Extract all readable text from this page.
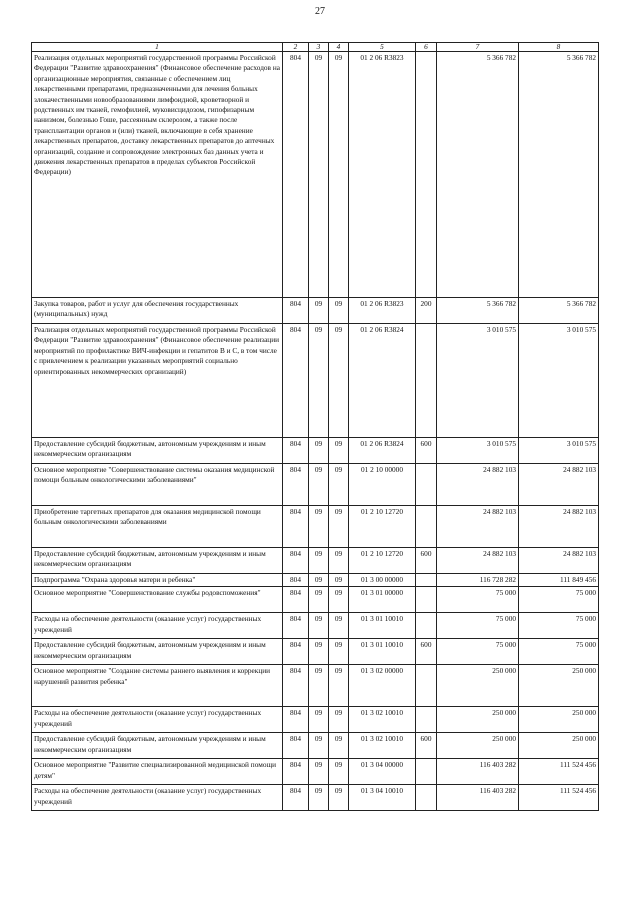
27
1	2	3	4	5	6	7	8
Реализация отдельных мероприятий государственной программы Российской Федерации "Развитие здравоохранения" (Финансовое обеспечение расходов на организационные мероприятия, связанные с обеспечением лиц лекарственными препаратами, предназначенными для лечения больных злокачественными новообразованиями лимфоидной, кроветворной и родственных им тканей, гемофилией, муковисцидозом, гипофизарным нанизмом, болезнью Гоше, рассеянным склерозом, а также после трансплантации органов и (или) тканей, включающие в себя хранение лекарственных препаратов, доставку лекарственных препаратов до аптечных организаций, создание и сопровождение электронных баз данных учета и движения лекарственных препаратов в пределах субъектов Российской Федерации)	804	09	09	01 2 06 R3823		5 366 782	5 366 782
Закупка товаров, работ и услуг для обеспечения государственных (муниципальных) нужд	804	09	09	01 2 06 R3823	200	5 366 782	5 366 782
Реализация отдельных мероприятий государственной программы Российской Федерации "Развитие здравоохранения" (Финансовое обеспечение реализации мероприятий по профилактике ВИЧ-инфекции и гепатитов В и С, в том числе с привлечением к реализации указанных мероприятий социально ориентированных некоммерческих организаций)	804	09	09	01 2 06 R3824		3 010 575	3 010 575
Предоставление субсидий бюджетным, автономным учреждениям и иным некоммерческим организациям	804	09	09	01 2 06 R3824	600	3 010 575	3 010 575
Основное мероприятие "Совершенствование системы оказания медицинской помощи больным онкологическими заболеваниями"	804	09	09	01 2 10 00000		24 882 103	24 882 103
Приобретение таргетных препаратов для оказания медицинской помощи больным онкологическими заболеваниями	804	09	09	01 2 10 12720		24 882 103	24 882 103
Предоставление субсидий бюджетным, автономным учреждениям и иным некоммерческим организациям	804	09	09	01 2 10 12720	600	24 882 103	24 882 103
Подпрограмма "Охрана здоровья матери и ребенка"	804	09	09	01 3 00 00000		116 728 282	111 849 456
Основное мероприятие "Совершенствование службы родовспоможения"	804	09	09	01 3 01 00000		75 000	75 000
Расходы на обеспечение деятельности (оказание услуг) государственных учреждений	804	09	09	01 3 01 10010		75 000	75 000
Предоставление субсидий бюджетным, автономным учреждениям и иным некоммерческим организациям	804	09	09	01 3 01 10010	600	75 000	75 000
Основное мероприятие "Создание системы раннего выявления и коррекции нарушений развития ребенка"	804	09	09	01 3 02 00000		250 000	250 000
Расходы на обеспечение деятельности (оказание услуг) государственных учреждений	804	09	09	01 3 02 10010		250 000	250 000
Предоставление субсидий бюджетным, автономным учреждениям и иным некоммерческим организациям	804	09	09	01 3 02 10010	600	250 000	250 000
Основное мероприятие "Развитие специализированной медицинской помощи детям"	804	09	09	01 3 04 00000		116 403 282	111 524 456
Расходы на обеспечение деятельности (оказание услуг) государственных учреждений	804	09	09	01 3 04 10010		116 403 282	111 524 456
